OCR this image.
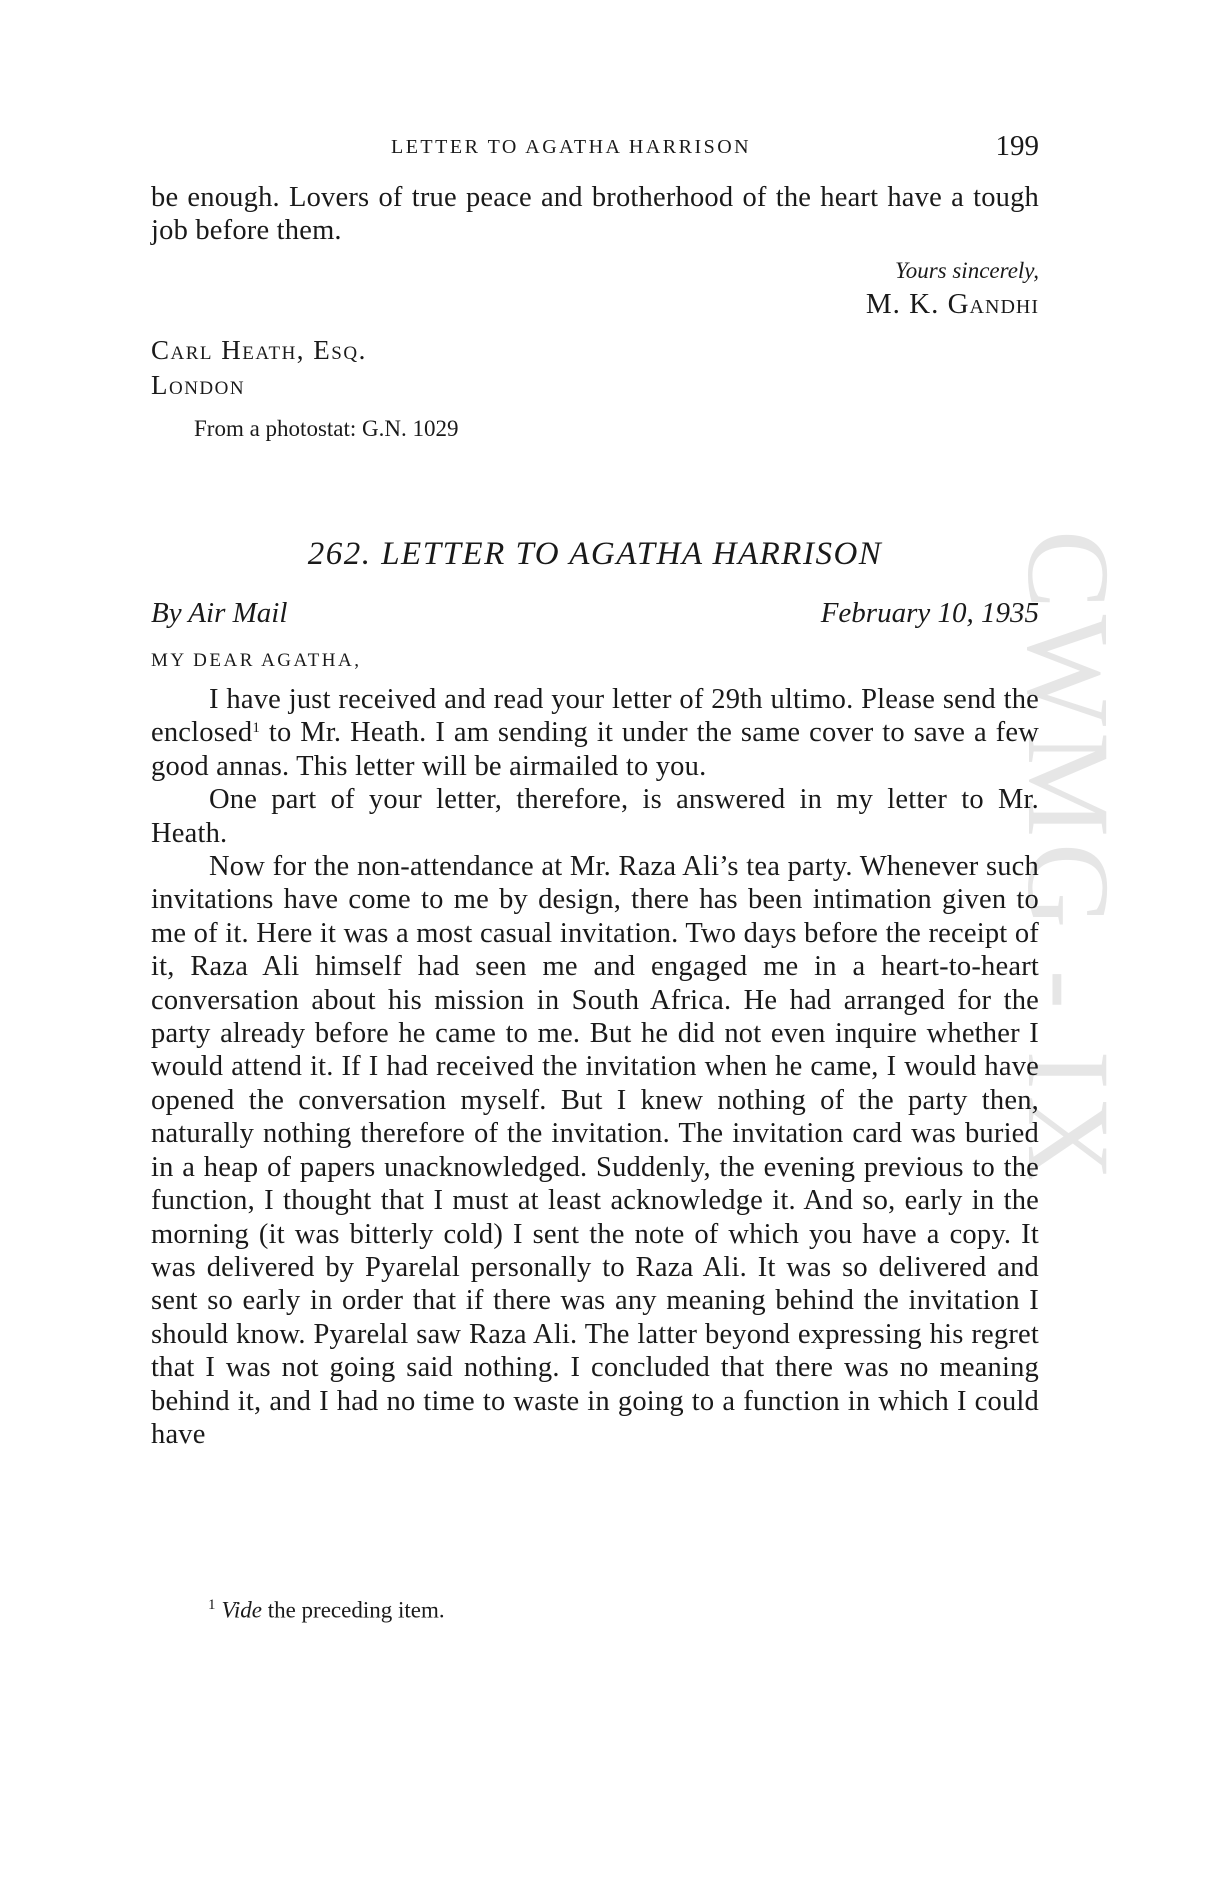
CWMG - IX
LETTER TO AGATHA HARRISON	199

be enough. Lovers of true peace and brotherhood of the heart have a tough job before them.

Yours sincerely,
M. K. Gandhi
Carl Heath, Esq.
London
From a photostat: G.N. 1029
262. LETTER TO AGATHA HARRISON
By Air Mail	February 10, 1935
MY DEAR AGATHA,

I have just received and read your letter of 29th ultimo. Please send the enclosed$^1$ to Mr. Heath. I am sending it under the same cover to save a few good annas. This letter will be airmailed to you.

One part of your letter, therefore, is answered in my letter to Mr. Heath.

Now for the non-attendance at Mr. Raza Ali’s tea party. Whenever such invitations have come to me by design, there has been intimation given to me of it. Here it was a most casual invitation. Two days before the receipt of it, Raza Ali himself had seen me and engaged me in a heart-to-heart conversation about his mission in South Africa. He had arranged for the party already before he came to me. But he did not even inquire whether I would attend it. If I had received the invitation when he came, I would have opened the conversation myself. But I knew nothing of the party then, naturally nothing therefore of the invitation. The invitation card was buried in a heap of papers unacknowledged. Suddenly, the evening previous to the function, I thought that I must at least acknowledge it. And so, early in the morning (it was bitterly cold) I sent the note of which you have a copy. It was delivered by Pyarelal personally to Raza Ali. It was so delivered and sent so early in order that if there was any meaning behind the invitation I should know. Pyarelal saw Raza Ali. The latter beyond expressing his regret that I was not going said nothing. I concluded that there was no meaning behind it, and I had no time to waste in going to a function in which I could have

$^1$ Vide the preceding item.
